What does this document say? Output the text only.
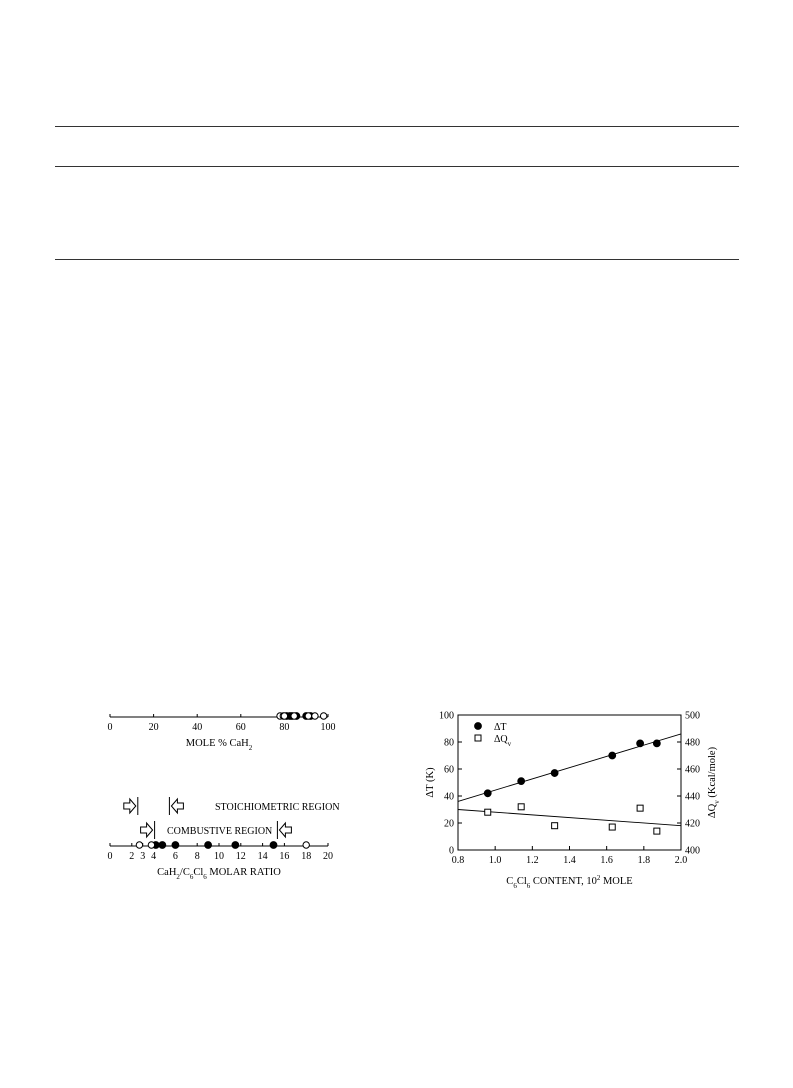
0	20	40	60	80	100
MOLE % CaH$_2$
0 2 3 4 6 8 10 12 14 16 18 20
$CaH_2/C_6Cl_6$ MOLAR RATIO
STOICHIOMETRIC REGION
COMBUSTIVE REGION
0.8 1.0 1.2 1.4 1.6 1.8 2.0
0
20
40
60
80
100
400
420
440
460
480
500
ΔT
$\Delta Q_v$
$C_6Cl_6$ CONTENT, $10^2$ MOLE
ΔT (K)
$\Delta Q_v$ (Kcal/mole)
